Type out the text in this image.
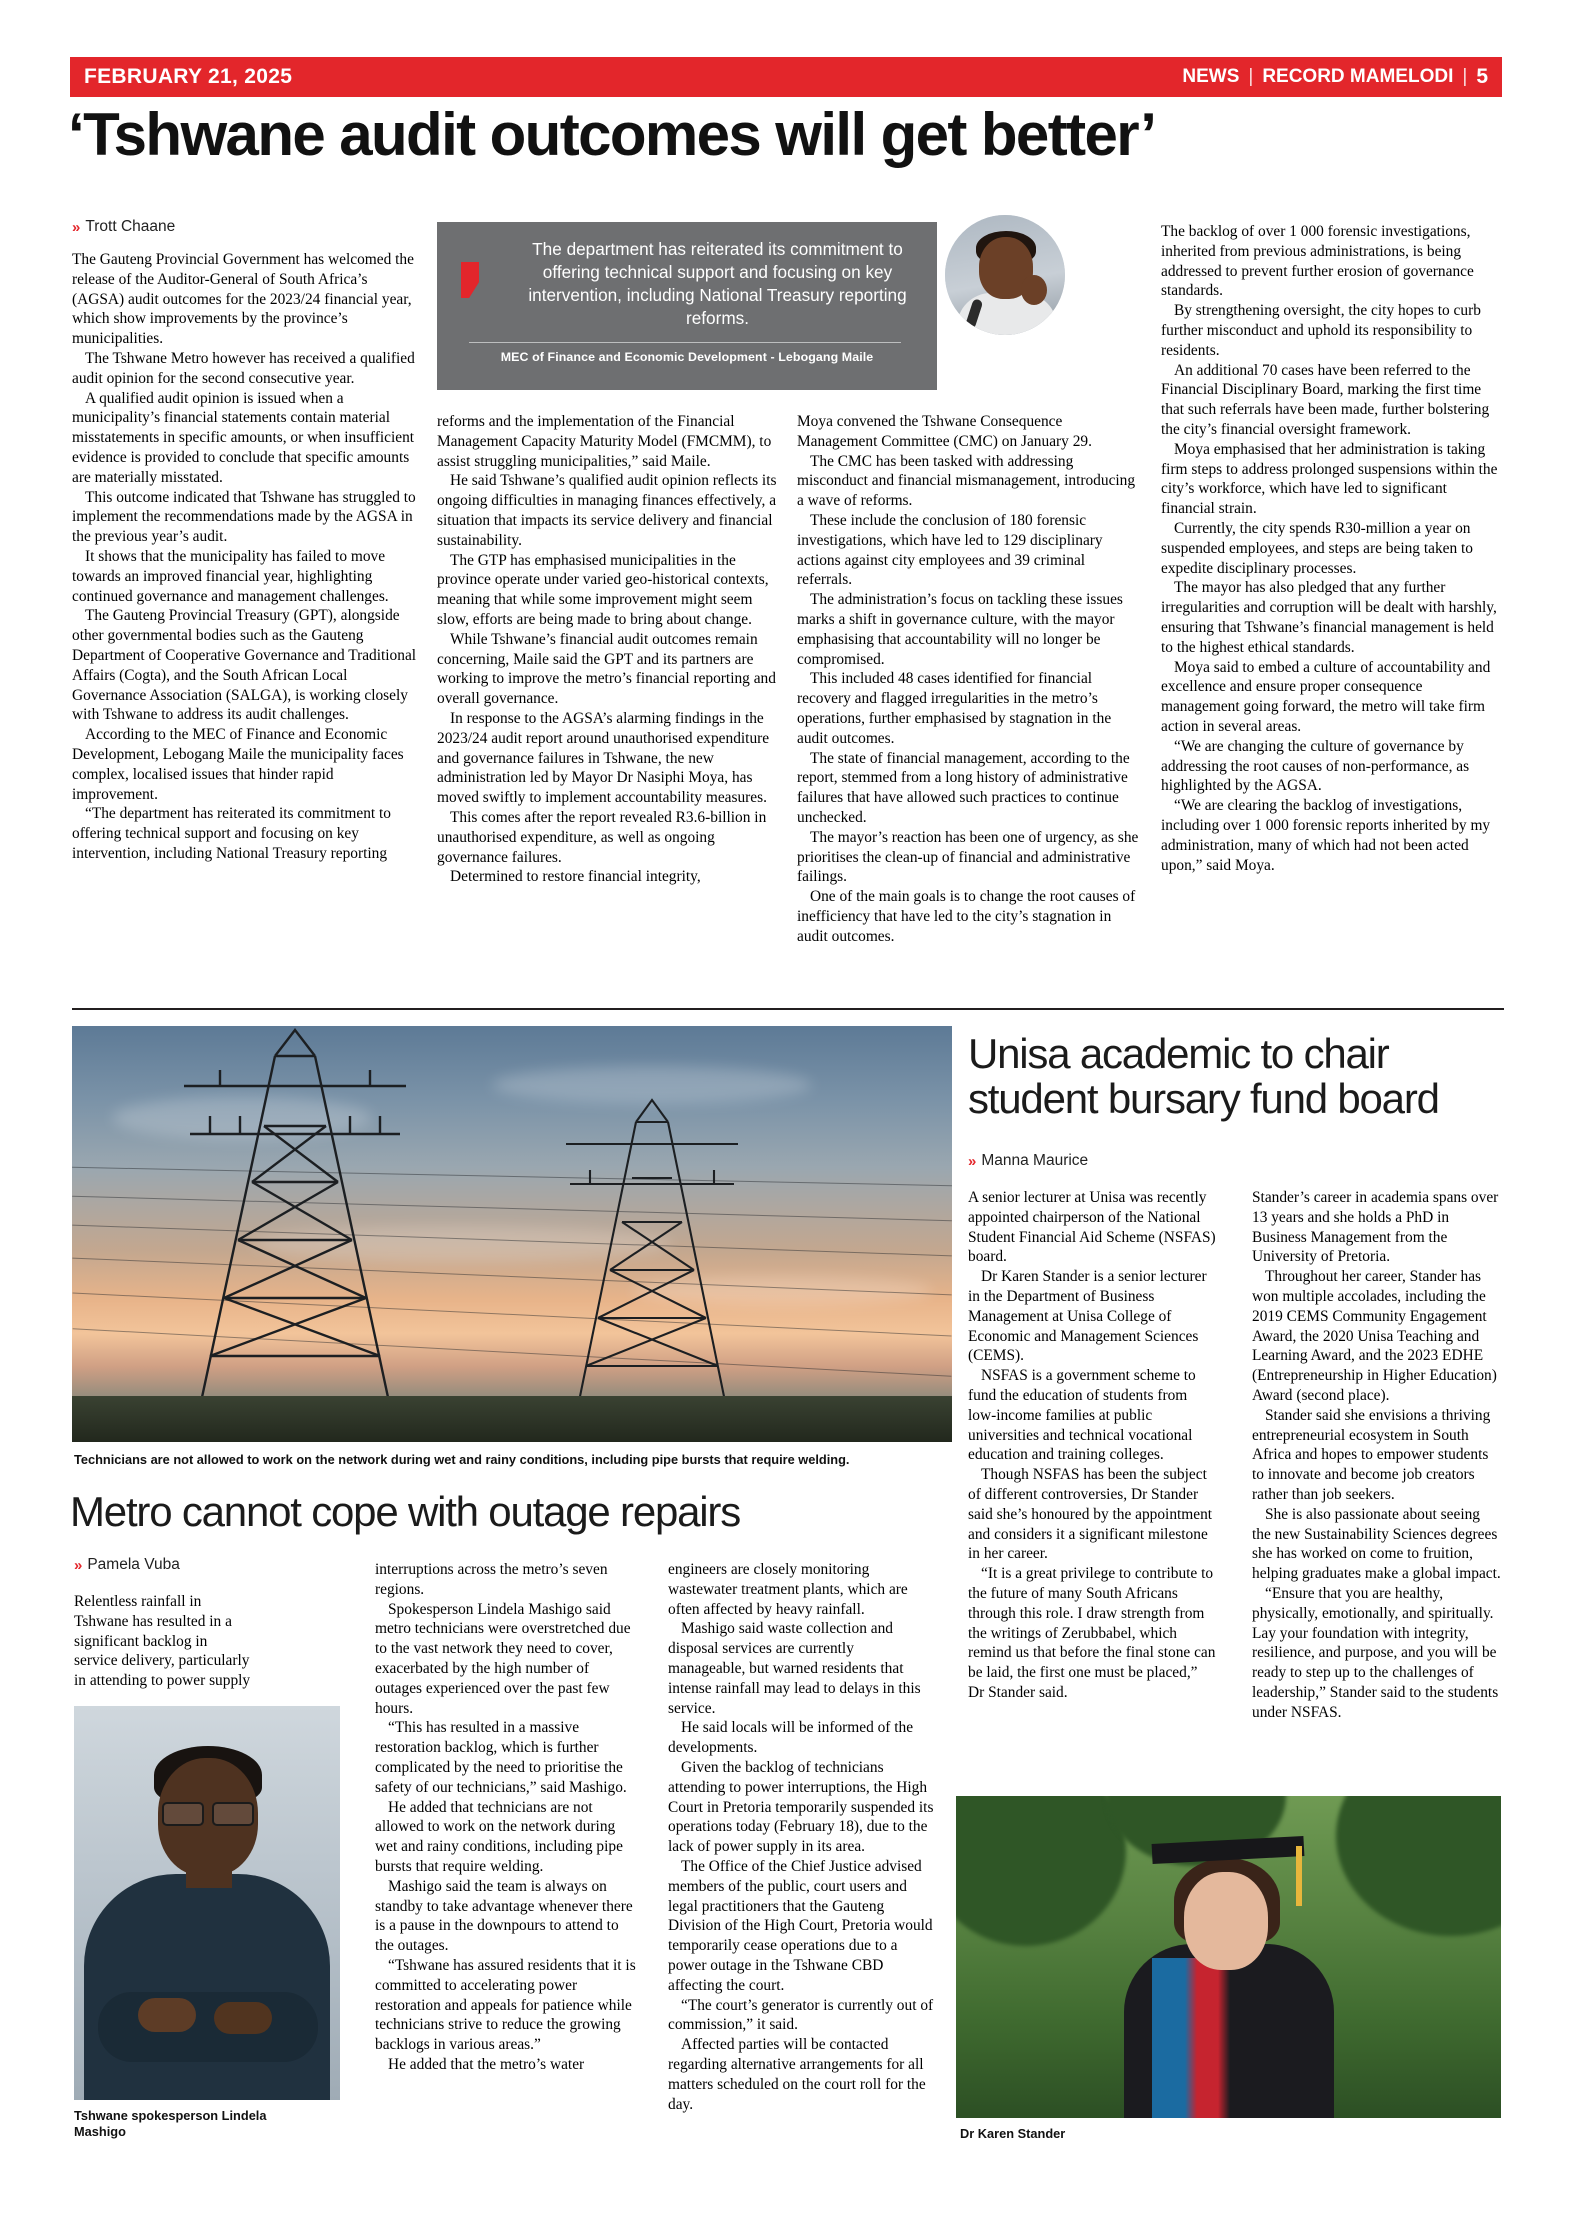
FEBRUARY 21, 2025	NEWS | RECORD MAMELODI | 5
‘Tshwane audit outcomes will get better’
» Trott Chaane
The department has reiterated its commitment to offering technical support and focusing on key intervention, including National Treasury reporting reforms.
MEC of Finance and Economic Development - Lebogang Maile

The Gauteng Provincial Government has welcomed the release of the Auditor-General of South Africa’s (AGSA) audit outcomes for the 2023/24 financial year, which show improvements by the province’s municipalities.

The Tshwane Metro however has received a qualified audit opinion for the second consecutive year.

A qualified audit opinion is issued when a municipality’s financial statements contain material misstatements in specific amounts, or when insufficient evidence is provided to conclude that specific amounts are materially misstated.

This outcome indicated that Tshwane has struggled to implement the recommendations made by the AGSA in the previous year’s audit.

It shows that the municipality has failed to move towards an improved financial year, highlighting continued governance and management challenges.

The Gauteng Provincial Treasury (GPT), alongside other governmental bodies such as the Gauteng Department of Cooperative Governance and Traditional Affairs (Cogta), and the South African Local Governance Association (SALGA), is working closely with Tshwane to address its audit challenges.

According to the MEC of Finance and Economic Development, Lebogang Maile the municipality faces complex, localised issues that hinder rapid improvement.

“The department has reiterated its commitment to offering technical support and focusing on key intervention, including National Treasury reporting

reforms and the implementation of the Financial Management Capacity Maturity Model (FMCMM), to assist struggling municipalities,” said Maile.

He said Tshwane’s qualified audit opinion reflects its ongoing difficulties in managing finances effectively, a situation that impacts its service delivery and financial sustainability.

The GTP has emphasised municipalities in the province operate under varied geo-historical contexts, meaning that while some improvement might seem slow, efforts are being made to bring about change.

While Tshwane’s financial audit outcomes remain concerning, Maile said the GPT and its partners are working to improve the metro’s financial reporting and overall governance.

In response to the AGSA’s alarming findings in the 2023/24 audit report around unauthorised expenditure and governance failures in Tshwane, the new administration led by Mayor Dr Nasiphi Moya, has moved swiftly to implement accountability measures.

This comes after the report revealed R3.6-billion in unauthorised expenditure, as well as ongoing governance failures.

Determined to restore financial integrity,

Moya convened the Tshwane Consequence Management Committee (CMC) on January 29.

The CMC has been tasked with addressing misconduct and financial mismanagement, introducing a wave of reforms.

These include the conclusion of 180 forensic investigations, which have led to 129 disciplinary actions against city employees and 39 criminal referrals.

The administration’s focus on tackling these issues marks a shift in governance culture, with the mayor emphasising that accountability will no longer be compromised.

This included 48 cases identified for financial recovery and flagged irregularities in the metro’s operations, further emphasised by stagnation in the audit outcomes.

The state of financial management, according to the report, stemmed from a long history of administrative failures that have allowed such practices to continue unchecked.

The mayor’s reaction has been one of urgency, as she prioritises the clean-up of financial and administrative failings.

One of the main goals is to change the root causes of inefficiency that have led to the city’s stagnation in audit outcomes.

The backlog of over 1 000 forensic investigations, inherited from previous administrations, is being addressed to prevent further erosion of governance standards.

By strengthening oversight, the city hopes to curb further misconduct and uphold its responsibility to residents.

An additional 70 cases have been referred to the Financial Disciplinary Board, marking the first time that such referrals have been made, further bolstering the city’s financial oversight framework.

Moya emphasised that her administration is taking firm steps to address prolonged suspensions within the city’s workforce, which have led to significant financial strain.

Currently, the city spends R30-million a year on suspended employees, and steps are being taken to expedite disciplinary processes.

The mayor has also pledged that any further irregularities and corruption will be dealt with harshly, ensuring that Tshwane’s financial management is held to the highest ethical standards.

Moya said to embed a culture of accountability and excellence and ensure proper consequence management going forward, the metro will take firm action in several areas.

“We are changing the culture of governance by addressing the root causes of non-performance, as highlighted by the AGSA.

“We are clearing the backlog of investigations, including over 1 000 forensic reports inherited by my administration, many of which had not been acted upon,” said Moya.

Technicians are not allowed to work on the network during wet and rainy conditions, including pipe bursts that require welding.
Unisa academic to chair
student bursary fund board
» Manna Maurice

A senior lecturer at Unisa was recently appointed chairperson of the National Student Financial Aid Scheme (NSFAS) board.

Dr Karen Stander is a senior lecturer in the Department of Business Management at Unisa College of Economic and Management Sciences (CEMS).

NSFAS is a government scheme to fund the education of students from low-income families at public universities and technical vocational education and training colleges.

Though NSFAS has been the subject of different controversies, Dr Stander said she’s honoured by the appointment and considers it a significant milestone in her career.

“It is a great privilege to contribute to the future of many South Africans through this role. I draw strength from the writings of Zerubbabel, which remind us that before the final stone can be laid, the first one must be placed,” Dr Stander said.

Stander’s career in academia spans over 13 years and she holds a PhD in Business Management from the University of Pretoria.

Throughout her career, Stander has won multiple accolades, including the 2019 CEMS Community Engagement Award, the 2020 Unisa Teaching and Learning Award, and the 2023 EDHE (Entrepreneurship in Higher Education) Award (second place).

Stander said she envisions a thriving entrepreneurial ecosystem in South Africa and hopes to empower students to innovate and become job creators rather than job seekers.

She is also passionate about seeing the new Sustainability Sciences degrees she has worked on come to fruition, helping graduates make a global impact.

“Ensure that you are healthy, physically, emotionally, and spiritually. Lay your foundation with integrity, resilience, and purpose, and you will be ready to step up to the challenges of leadership,” Stander said to the students under NSFAS.

Dr Karen Stander
Metro cannot cope with outage repairs
» Pamela Vuba

Relentless rainfall in Tshwane has resulted in a significant backlog in service delivery, particularly in attending to power supply

interruptions across the metro’s seven regions.

Spokesperson Lindela Mashigo said metro technicians were overstretched due to the vast network they need to cover, exacerbated by the high number of outages experienced over the past few hours.

“This has resulted in a massive restoration backlog, which is further complicated by the need to prioritise the safety of our technicians,” said Mashigo.

He added that technicians are not allowed to work on the network during wet and rainy conditions, including pipe bursts that require welding.

Mashigo said the team is always on standby to take advantage whenever there is a pause in the downpours to attend to the outages.

“Tshwane has assured residents that it is committed to accelerating power restoration and appeals for patience while technicians strive to reduce the growing backlogs in various areas.”

He added that the metro’s water

engineers are closely monitoring wastewater treatment plants, which are often affected by heavy rainfall.

Mashigo said waste collection and disposal services are currently manageable, but warned residents that intense rainfall may lead to delays in this service.

He said locals will be informed of the developments.

Given the backlog of technicians attending to power interruptions, the High Court in Pretoria temporarily suspended its operations today (February 18), due to the lack of power supply in its area.

The Office of the Chief Justice advised members of the public, court users and legal practitioners that the Gauteng Division of the High Court, Pretoria would temporarily cease operations due to a power outage in the Tshwane CBD affecting the court.

“The court’s generator is currently out of commission,” it said.

Affected parties will be contacted regarding alternative arrangements for all matters scheduled on the court roll for the day.

Tshwane spokesperson Lindela Mashigo
